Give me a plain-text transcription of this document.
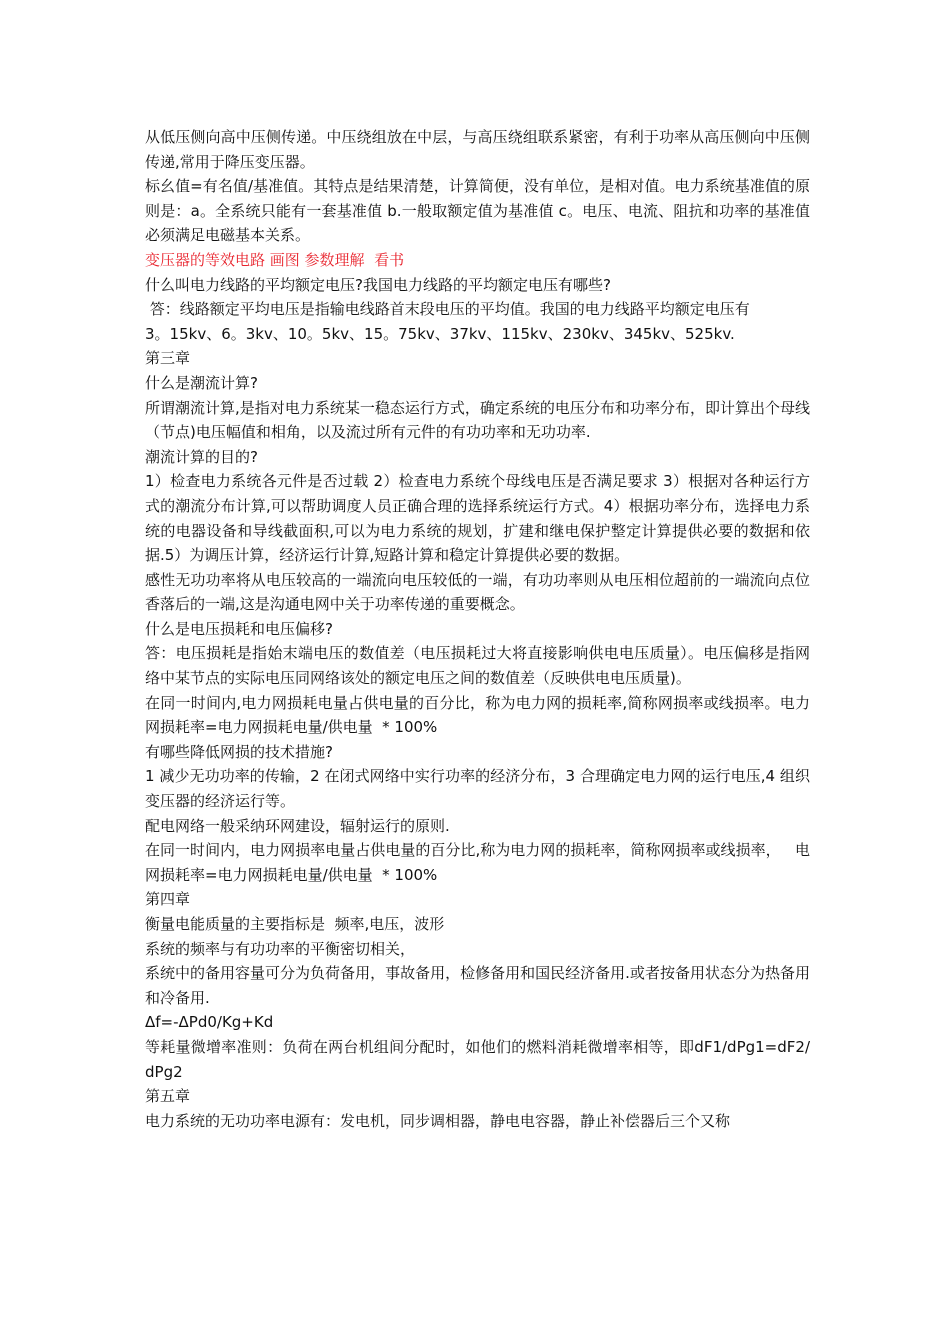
从低压侧向高中压侧传递。中压绕组放在中层，与高压绕组联系紧密，有利于功率从高压侧向中压侧传递,常用于降压变压器。

标幺值=有名值/基准值。其特点是结果清楚，计算简便，没有单位，是相对值。电力系统基准值的原则是：a。全系统只能有一套基准值 b.一般取额定值为基准值 c。电压、电流、阻抗和功率的基准值必须满足电磁基本关系。

变压器的等效电路 画图 参数理解  看书

什么叫电力线路的平均额定电压?我国电力线路的平均额定电压有哪些?

答：线路额定平均电压是指输电线路首末段电压的平均值。我国的电力线路平均额定电压有

3。15kv、6。3kv、10。5kv、15。75kv、37kv、115kv、230kv、345kv、525kv.

第三章

什么是潮流计算?

所谓潮流计算,是指对电力系统某一稳态运行方式，确定系统的电压分布和功率分布，即计算出个母线（节点)电压幅值和相角，以及流过所有元件的有功功率和无功功率.

潮流计算的目的?

1）检查电力系统各元件是否过载 2）检查电力系统个母线电压是否满足要求 3）根据对各种运行方式的潮流分布计算,可以帮助调度人员正确合理的选择系统运行方式。4）根据功率分布，选择电力系统的电器设备和导线截面积,可以为电力系统的规划，扩建和继电保护整定计算提供必要的数据和依据.5）为调压计算，经济运行计算,短路计算和稳定计算提供必要的数据。

感性无功功率将从电压较高的一端流向电压较低的一端，有功功率则从电压相位超前的一端流向点位香落后的一端,这是沟通电网中关于功率传递的重要概念。

什么是电压损耗和电压偏移?

答：电压损耗是指始末端电压的数值差（电压损耗过大将直接影响供电电压质量）。电压偏移是指网络中某节点的实际电压同网络该处的额定电压之间的数值差（反映供电电压质量)。

在同一时间内,电力网损耗电量占供电量的百分比，称为电力网的损耗率,简称网损率或线损率。电力网损耗率=电力网损耗电量/供电量  * 100%

有哪些降低网损的技术措施?

1 减少无功功率的传输，2 在闭式网络中实行功率的经济分布，3 合理确定电力网的运行电压,4 组织变压器的经济运行等。

配电网络一般采纳环网建设，辐射运行的原则.

在同一时间内，电力网损率电量占供电量的百分比,称为电力网的损耗率，简称网损率或线损率，   电网损耗率=电力网损耗电量/供电量  * 100%

第四章

衡量电能质量的主要指标是  频率,电压，波形

系统的频率与有功功率的平衡密切相关，

系统中的备用容量可分为负荷备用，事故备用，检修备用和国民经济备用.或者按备用状态分为热备用和冷备用.

Δf=-ΔPd0/Kg+Kd

等耗量微增率准则：负荷在两台机组间分配时，如他们的燃料消耗微增率相等，即dF1/dPg1=dF2/dPg2

第五章

电力系统的无功功率电源有：发电机，同步调相器，静电电容器，静止补偿器后三个又称
